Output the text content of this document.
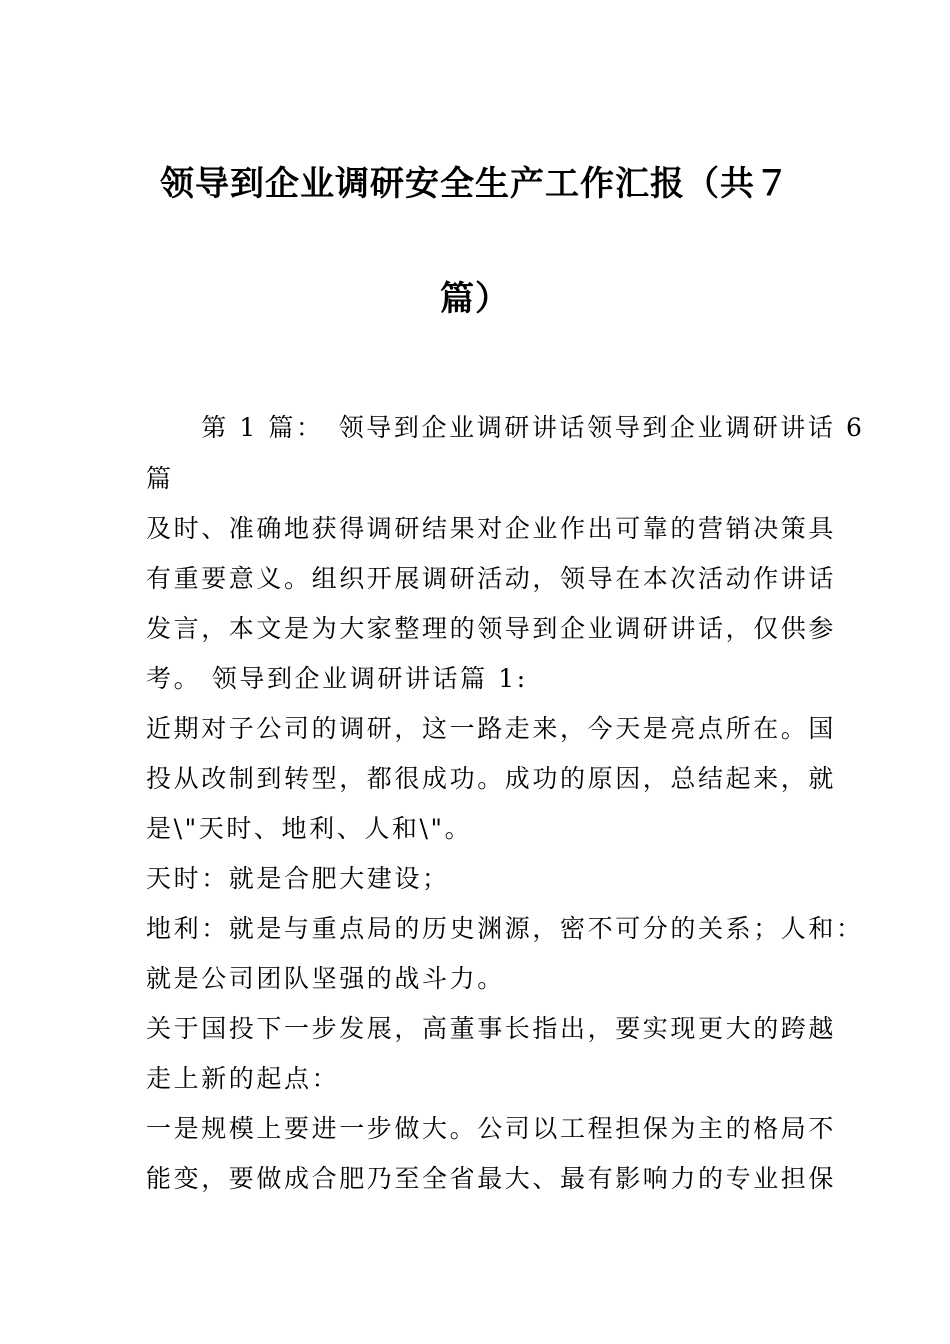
领导到企业调研安全生产工作汇报（共７
篇）
　　第 1 篇：　领导到企业调研讲话领导到企业调研讲话 6
篇
及时、准确地获得调研结果对企业作出可靠的营销决策具
有重要意义。组织开展调研活动，领导在本次活动作讲话
发言，本文是为大家整理的领导到企业调研讲话，仅供参
考。 领导到企业调研讲话篇 1:
近期对子公司的调研，这一路走来，今天是亮点所在。国
投从改制到转型，都很成功。成功的原因，总结起来，就
是\"天时、地利、人和\"。
天时：就是合肥大建设；
地利：就是与重点局的历史渊源，密不可分的关系；人和：
就是公司团队坚强的战斗力。
关于国投下一步发展，高董事长指出，要实现更大的跨越
走上新的起点：
一是规模上要进一步做大。公司以工程担保为主的格局不
能变，要做成合肥乃至全省最大、最有影响力的专业担保
